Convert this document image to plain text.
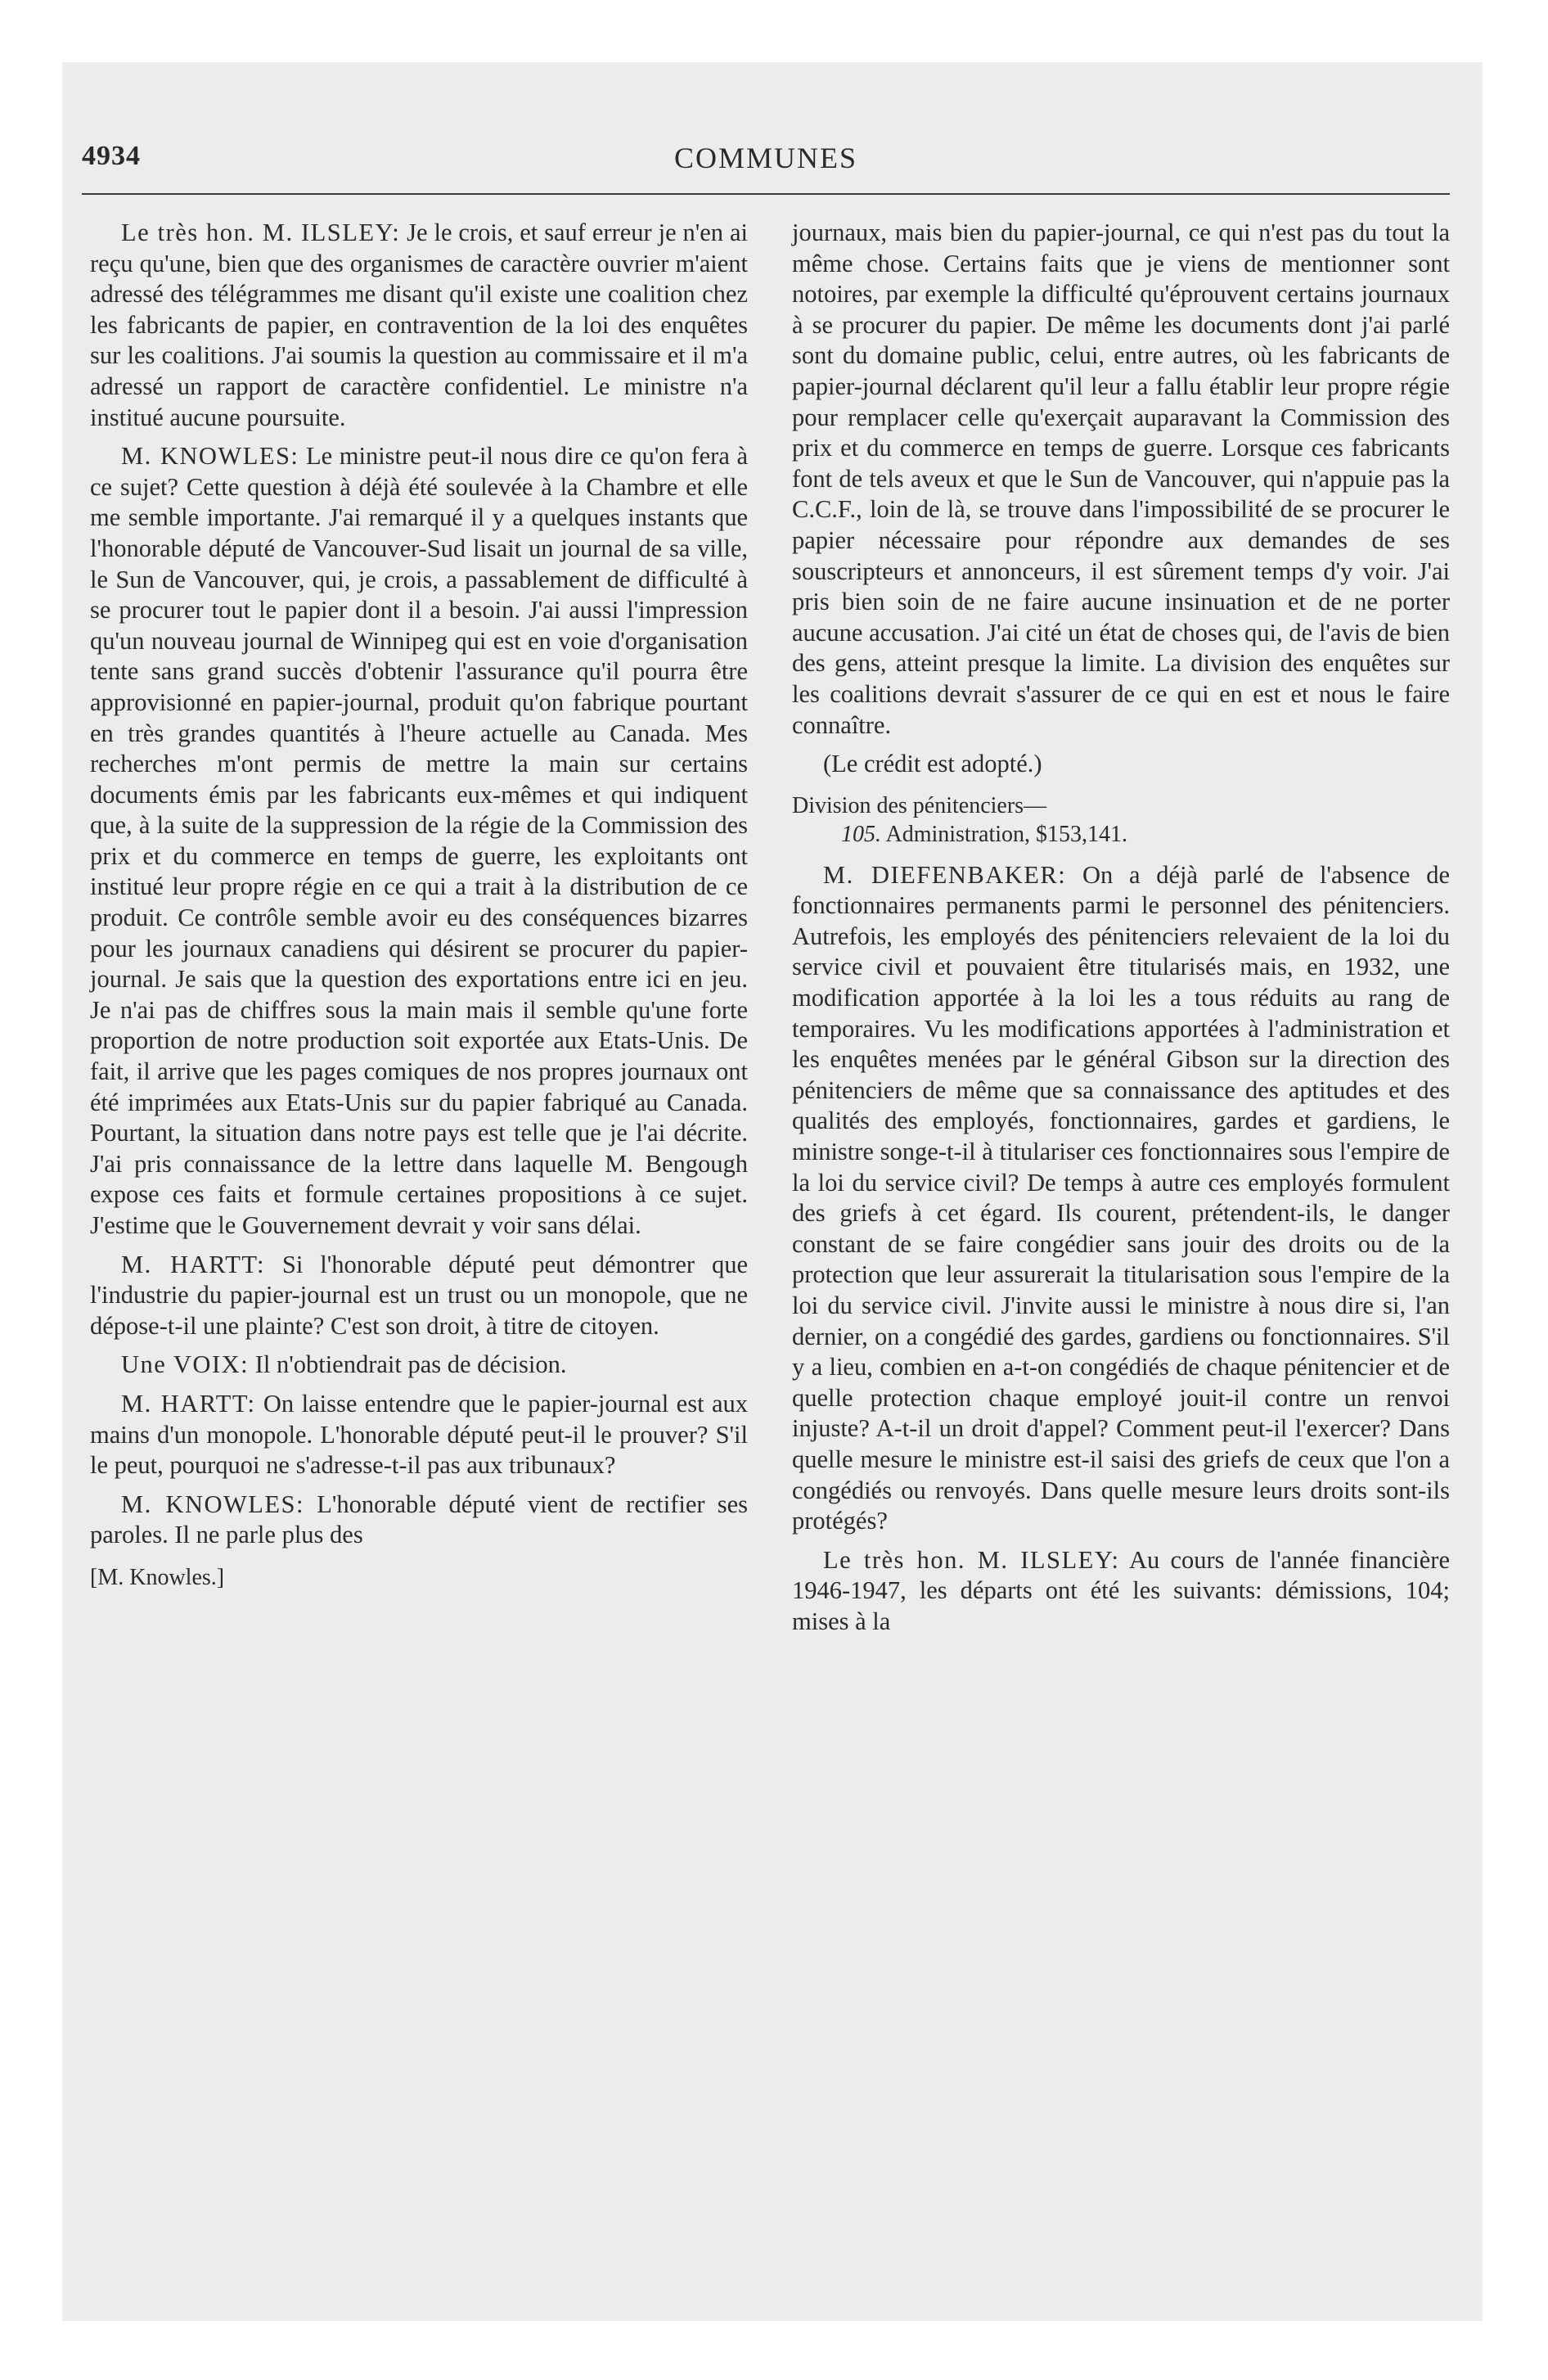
4934	COMMUNES

Le très hon. M. ILSLEY: Je le crois, et sauf erreur je n'en ai reçu qu'une, bien que des organismes de caractère ouvrier m'aient adressé des télégrammes me disant qu'il existe une coalition chez les fabricants de papier, en contravention de la loi des enquêtes sur les coalitions. J'ai soumis la question au commissaire et il m'a adressé un rapport de caractère confidentiel. Le ministre n'a institué aucune poursuite.

M. KNOWLES: Le ministre peut-il nous dire ce qu'on fera à ce sujet? Cette question à déjà été soulevée à la Chambre et elle me semble importante. J'ai remarqué il y a quelques instants que l'honorable député de Vancouver-Sud lisait un journal de sa ville, le Sun de Vancouver, qui, je crois, a passablement de difficulté à se procurer tout le papier dont il a besoin. J'ai aussi l'impression qu'un nouveau journal de Winnipeg qui est en voie d'organisation tente sans grand succès d'obtenir l'assurance qu'il pourra être approvisionné en papier-journal, produit qu'on fabrique pourtant en très grandes quantités à l'heure actuelle au Canada. Mes recherches m'ont permis de mettre la main sur certains documents émis par les fabricants eux-mêmes et qui indiquent que, à la suite de la suppression de la régie de la Commission des prix et du commerce en temps de guerre, les exploitants ont institué leur propre régie en ce qui a trait à la distribution de ce produit. Ce contrôle semble avoir eu des conséquences bizarres pour les journaux canadiens qui désirent se procurer du papier-journal. Je sais que la question des exportations entre ici en jeu. Je n'ai pas de chiffres sous la main mais il semble qu'une forte proportion de notre production soit exportée aux Etats-Unis. De fait, il arrive que les pages comiques de nos propres journaux ont été imprimées aux Etats-Unis sur du papier fabriqué au Canada. Pourtant, la situation dans notre pays est telle que je l'ai décrite. J'ai pris connaissance de la lettre dans laquelle M. Bengough expose ces faits et formule certaines propositions à ce sujet. J'estime que le Gouvernement devrait y voir sans délai.

M. HARTT: Si l'honorable député peut démontrer que l'industrie du papier-journal est un trust ou un monopole, que ne dépose-t-il une plainte? C'est son droit, à titre de citoyen.

Une VOIX: Il n'obtiendrait pas de décision.

M. HARTT: On laisse entendre que le papier-journal est aux mains d'un monopole. L'honorable député peut-il le prouver? S'il le peut, pourquoi ne s'adresse-t-il pas aux tribunaux?

M. KNOWLES: L'honorable député vient de rectifier ses paroles. Il ne parle plus des

[M. Knowles.]

journaux, mais bien du papier-journal, ce qui n'est pas du tout la même chose. Certains faits que je viens de mentionner sont notoires, par exemple la difficulté qu'éprouvent certains journaux à se procurer du papier. De même les documents dont j'ai parlé sont du domaine public, celui, entre autres, où les fabricants de papier-journal déclarent qu'il leur a fallu établir leur propre régie pour remplacer celle qu'exerçait auparavant la Commission des prix et du commerce en temps de guerre. Lorsque ces fabricants font de tels aveux et que le Sun de Vancouver, qui n'appuie pas la C.C.F., loin de là, se trouve dans l'impossibilité de se procurer le papier nécessaire pour répondre aux demandes de ses souscripteurs et annonceurs, il est sûrement temps d'y voir. J'ai pris bien soin de ne faire aucune insinuation et de ne porter aucune accusation. J'ai cité un état de choses qui, de l'avis de bien des gens, atteint presque la limite. La division des enquêtes sur les coalitions devrait s'assurer de ce qui en est et nous le faire connaître.

(Le crédit est adopté.)

Division des pénitenciers—

105. Administration, $153,141.

M. DIEFENBAKER: On a déjà parlé de l'absence de fonctionnaires permanents parmi le personnel des pénitenciers. Autrefois, les employés des pénitenciers relevaient de la loi du service civil et pouvaient être titularisés mais, en 1932, une modification apportée à la loi les a tous réduits au rang de temporaires. Vu les modifications apportées à l'administration et les enquêtes menées par le général Gibson sur la direction des pénitenciers de même que sa connaissance des aptitudes et des qualités des employés, fonctionnaires, gardes et gardiens, le ministre songe-t-il à titulariser ces fonctionnaires sous l'empire de la loi du service civil? De temps à autre ces employés formulent des griefs à cet égard. Ils courent, prétendent-ils, le danger constant de se faire congédier sans jouir des droits ou de la protection que leur assurerait la titularisation sous l'empire de la loi du service civil. J'invite aussi le ministre à nous dire si, l'an dernier, on a congédié des gardes, gardiens ou fonctionnaires. S'il y a lieu, combien en a-t-on congédiés de chaque pénitencier et de quelle protection chaque employé jouit-il contre un renvoi injuste? A-t-il un droit d'appel? Comment peut-il l'exercer? Dans quelle mesure le ministre est-il saisi des griefs de ceux que l'on a congédiés ou renvoyés. Dans quelle mesure leurs droits sont-ils protégés?

Le très hon. M. ILSLEY: Au cours de l'année financière 1946-1947, les départs ont été les suivants: démissions, 104; mises à la
